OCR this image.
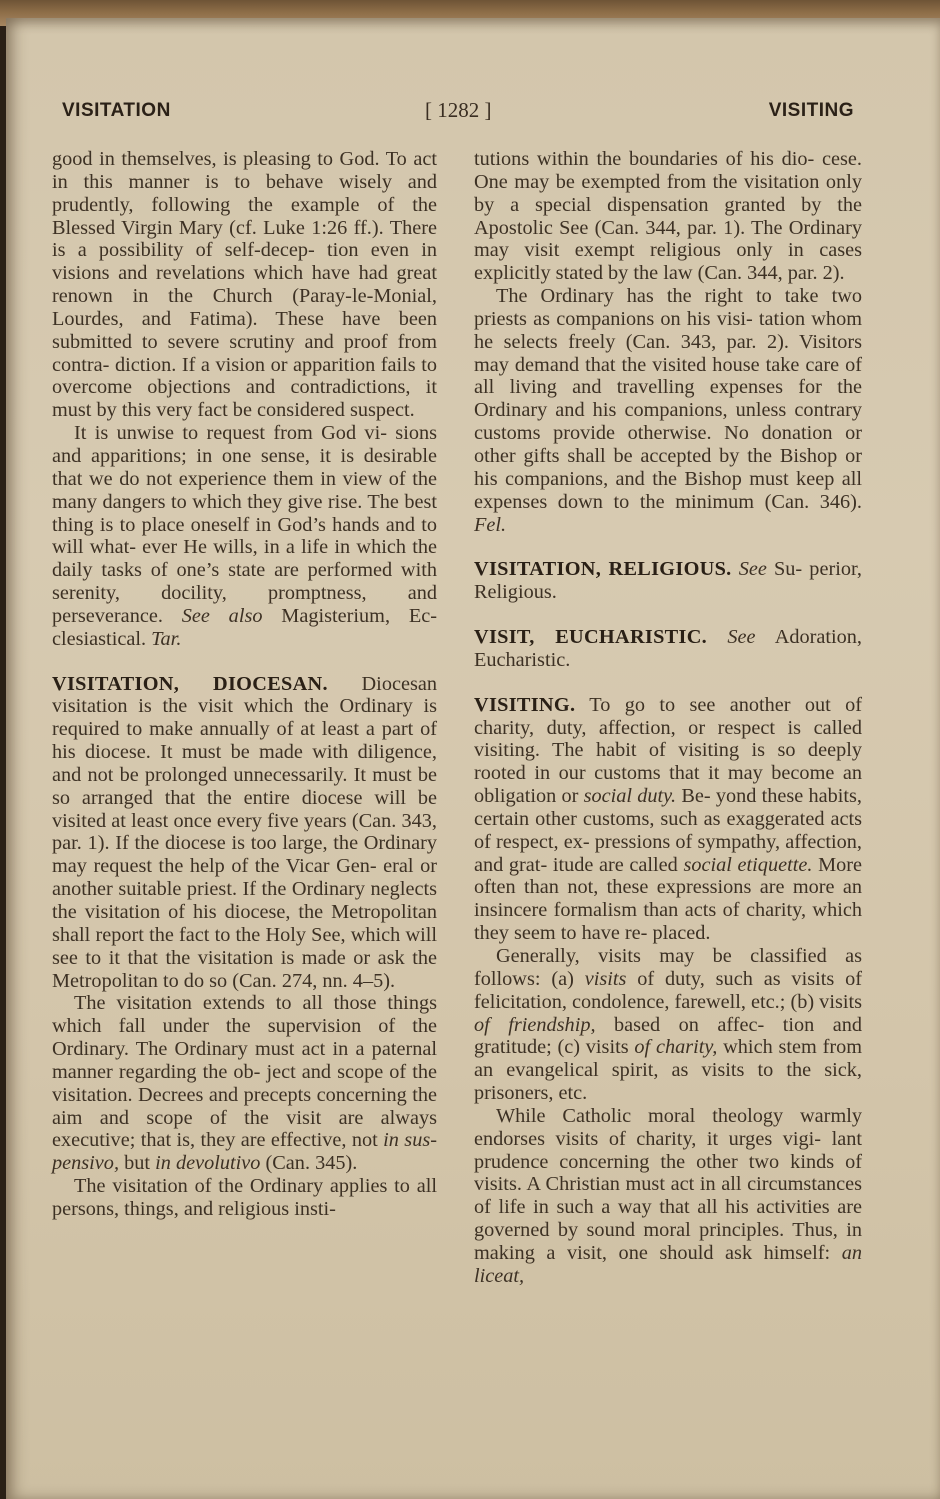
VISITATION	[ 1282 ]	VISITING

good in themselves, is pleasing to God. To act in this manner is to behave wisely and prudently, following the example of the Blessed Virgin Mary (cf. Luke 1:26 ff.). There is a possibility of self-decep- tion even in visions and revelations which have had great renown in the Church (Paray-le-Monial, Lourdes, and Fatima). These have been submitted to severe scrutiny and proof from contra- diction. If a vision or apparition fails to overcome objections and contradictions, it must by this very fact be considered suspect.

It is unwise to request from God vi- sions and apparitions; in one sense, it is desirable that we do not experience them in view of the many dangers to which they give rise. The best thing is to place oneself in God’s hands and to will what- ever He wills, in a life in which the daily tasks of one’s state are performed with serenity, docility, promptness, and perseverance. See also Magisterium, Ec- clesiastical. Tar.

VISITATION, DIOCESAN. Diocesan visitation is the visit which the Ordinary is required to make annually of at least a part of his diocese. It must be made with diligence, and not be prolonged unnecessarily. It must be so arranged that the entire diocese will be visited at least once every five years (Can. 343, par. 1). If the diocese is too large, the Ordinary may request the help of the Vicar Gen- eral or another suitable priest. If the Ordinary neglects the visitation of his diocese, the Metropolitan shall report the fact to the Holy See, which will see to it that the visitation is made or ask the Metropolitan to do so (Can. 274, nn. 4–5).

The visitation extends to all those things which fall under the supervision of the Ordinary. The Ordinary must act in a paternal manner regarding the ob- ject and scope of the visitation. Decrees and precepts concerning the aim and scope of the visit are always executive; that is, they are effective, not in sus- pensivo, but in devolutivo (Can. 345).

The visitation of the Ordinary applies to all persons, things, and religious insti-

tutions within the boundaries of his dio- cese. One may be exempted from the visitation only by a special dispensation granted by the Apostolic See (Can. 344, par. 1). The Ordinary may visit exempt religious only in cases explicitly stated by the law (Can. 344, par. 2).

The Ordinary has the right to take two priests as companions on his visi- tation whom he selects freely (Can. 343, par. 2). Visitors may demand that the visited house take care of all living and travelling expenses for the Ordinary and his companions, unless contrary customs provide otherwise. No donation or other gifts shall be accepted by the Bishop or his companions, and the Bishop must keep all expenses down to the minimum (Can. 346). Fel.

VISITATION, RELIGIOUS. See Su- perior, Religious.

VISIT, EUCHARISTIC. See Adoration, Eucharistic.

VISITING. To go to see another out of charity, duty, affection, or respect is called visiting. The habit of visiting is so deeply rooted in our customs that it may become an obligation or social duty. Be- yond these habits, certain other customs, such as exaggerated acts of respect, ex- pressions of sympathy, affection, and grat- itude are called social etiquette. More often than not, these expressions are more an insincere formalism than acts of charity, which they seem to have re- placed.

Generally, visits may be classified as follows: (a) visits of duty, such as visits of felicitation, condolence, farewell, etc.; (b) visits of friendship, based on affec- tion and gratitude; (c) visits of charity, which stem from an evangelical spirit, as visits to the sick, prisoners, etc.

While Catholic moral theology warmly endorses visits of charity, it urges vigi- lant prudence concerning the other two kinds of visits. A Christian must act in all circumstances of life in such a way that all his activities are governed by sound moral principles. Thus, in making a visit, one should ask himself: an liceat,
